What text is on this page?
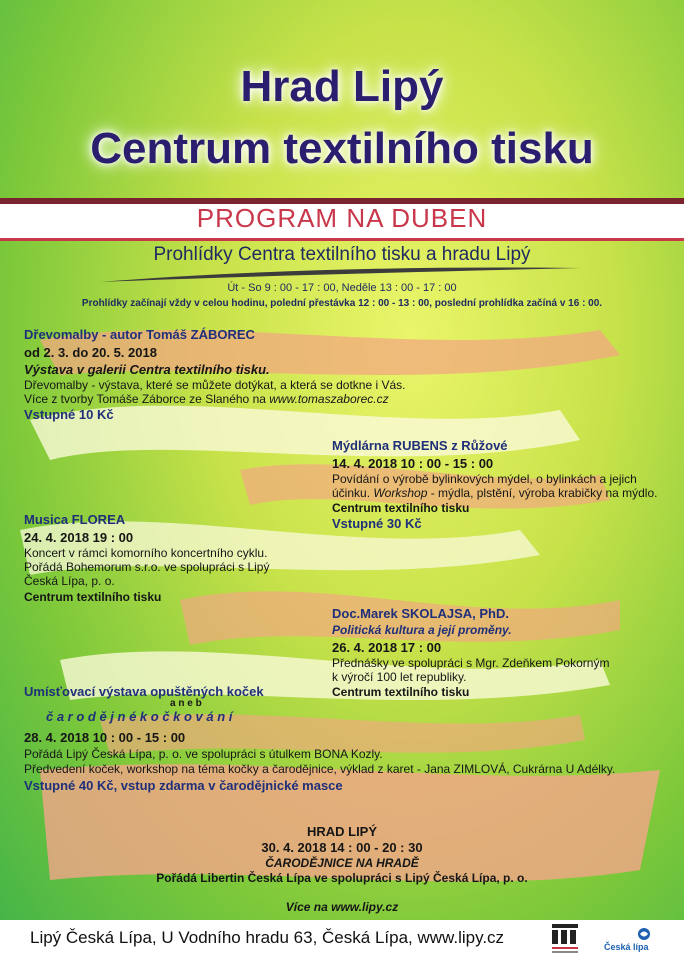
Hrad Lipý
Centrum textilního tisku
PROGRAM NA DUBEN
Prohlídky Centra textilního tisku a hradu Lipý
Út - So 9 : 00 - 17 : 00, Neděle 13 : 00 - 17 : 00
Prohlídky začínají vždy v celou hodinu, polední přestávka 12 : 00 - 13 : 00, poslední prohlídka začíná v 16 : 00.
Dřevomalby - autor Tomáš ZÁBOREC
od 2. 3. do 20. 5. 2018
Výstava v galerii Centra textilního tisku.
Dřevomalby - výstava, které se můžete dotýkat, a která se dotkne i Vás.
Více z tvorby Tomáše Záborce ze Slaného na www.tomaszaborec.cz
Vstupné 10 Kč
Mýdlárna RUBENS z Růžové
14. 4. 2018 10 : 00 - 15 : 00
Povídání o výrobě bylinkových mýdel, o bylinkách a jejich
účinku. Workshop - mýdla, plstění, výroba krabičky na mýdlo.
Centrum textilního tisku
Vstupné 30 Kč
Musica FLOREA
24. 4. 2018 19 : 00
Koncert v rámci komorního koncertního cyklu.
Pořádá Bohemorum s.r.o. ve spolupráci s Lipý
Česká Lípa, p. o.
Centrum textilního tisku
Doc.Marek SKOLAJSA, PhD.
Politická kultura a její proměny.
26. 4. 2018 17 : 00
Přednášky ve spolupráci s Mgr. Zdeňkem Pokorným
k výročí 100 let republiky.
Centrum textilního tisku
Umísťovací výstava opuštěných koček
a n e b
č a r o d ě j n é k o č k o v á n í
28. 4. 2018 10 : 00 - 15 : 00
Pořádá Lipý Česká Lípa, p. o. ve spolupráci s útulkem BONA Kozly.
Předvedení koček, workshop na téma kočky a čarodějnice, výklad z karet - Jana ZIMLOVÁ, Cukrárna U Adélky.
Vstupné 40 Kč, vstup zdarma v čarodějnické masce
HRAD LIPÝ
30. 4. 2018 14 : 00 - 20 : 30
ČARODĚJNICE NA HRADĚ
Pořádá Libertin Česká Lípa ve spolupráci s Lipý Česká Lípa, p. o.
Více na www.lipy.cz
Lipý Česká Lípa, U Vodního hradu 63, Česká Lípa, www.lipy.cz	Česká lípa
